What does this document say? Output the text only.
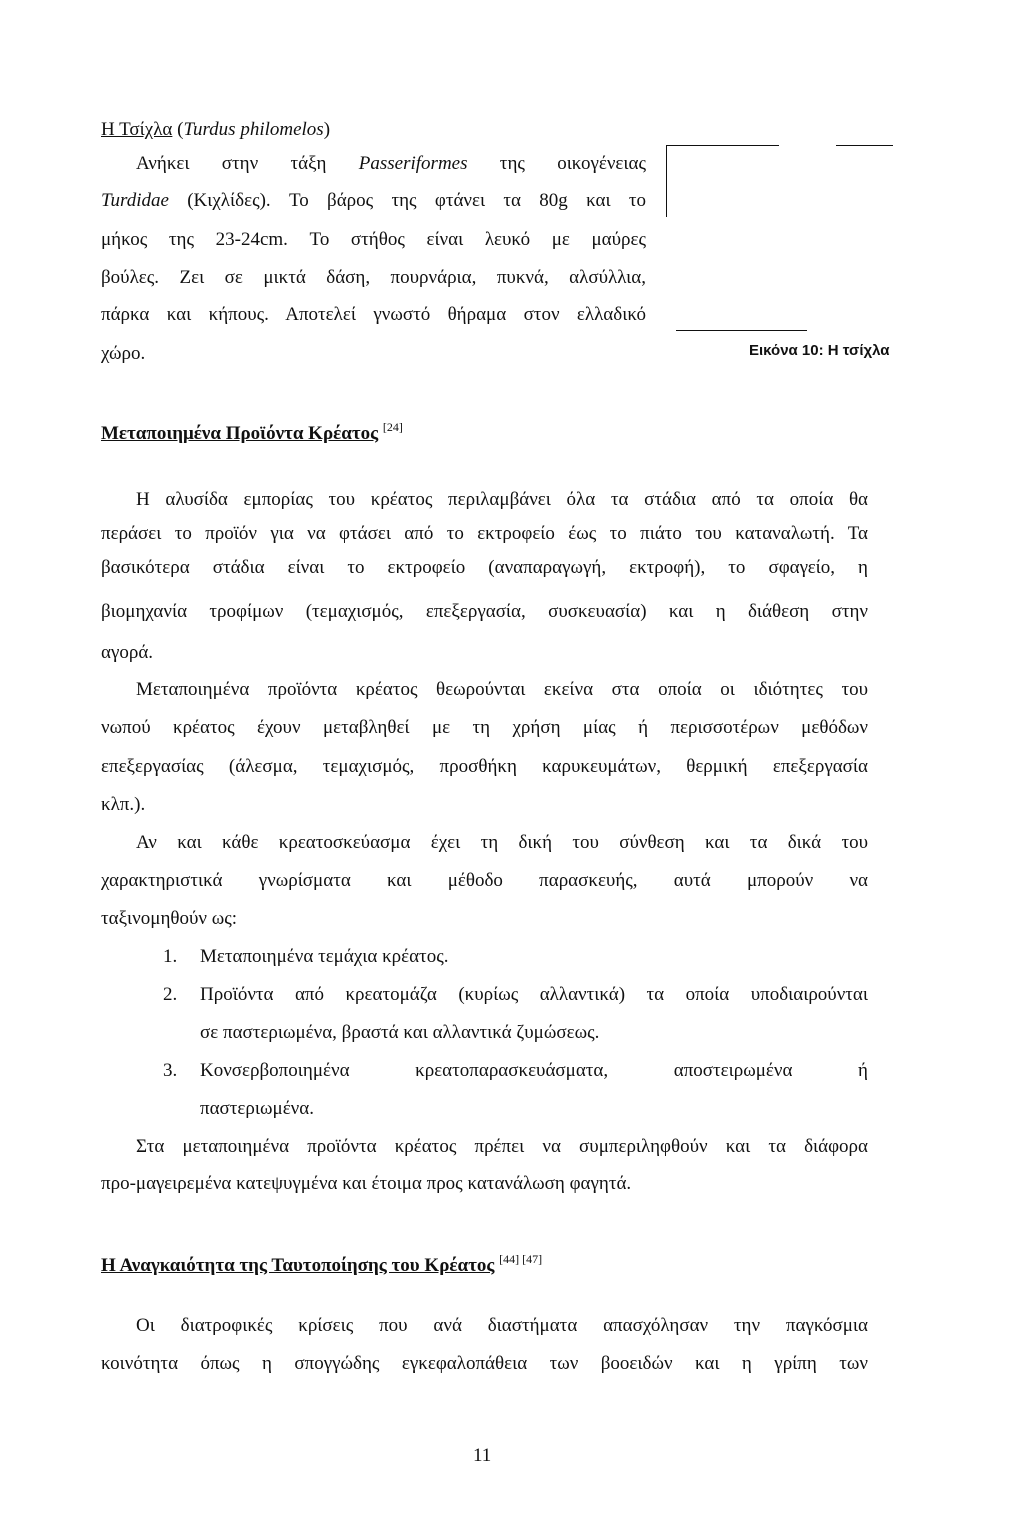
Η Τσίχλα (Turdus philomelos)
Ανήκει στην τάξη Passeriformes της οικογένειας
Turdidae (Κιχλίδες). Το βάρος της φτάνει τα 80g και το
μήκος της 23-24cm. Το στήθος είναι λευκό με μαύρες
βούλες. Ζει σε μικτά δάση, πουρνάρια, πυκνά, αλσύλλια,
πάρκα και κήπους. Αποτελεί γνωστό θήραμα στον ελλαδικό
χώρο.	Εικόνα 10: Η τσίχλα
Μεταποιημένα Προϊόντα Κρέατος [24]
Η αλυσίδα εμπορίας του κρέατος περιλαμβάνει όλα τα στάδια από τα οποία θα
περάσει το προϊόν για να φτάσει από το εκτροφείο έως το πιάτο του καταναλωτή. Τα
βασικότερα στάδια είναι το εκτροφείο (αναπαραγωγή, εκτροφή), το σφαγείο, η
βιομηχανία τροφίμων (τεμαχισμός, επεξεργασία, συσκευασία) και η διάθεση στην
αγορά.
Μεταποιημένα προϊόντα κρέατος θεωρούνται εκείνα στα οποία οι ιδιότητες του
νωπού κρέατος έχουν μεταβληθεί με τη χρήση μίας ή περισσοτέρων μεθόδων
επεξεργασίας (άλεσμα, τεμαχισμός, προσθήκη καρυκευμάτων, θερμική επεξεργασία
κλπ.).
Αν και κάθε κρεατοσκεύασμα έχει τη δική του σύνθεση και τα δικά του
χαρακτηριστικά γνωρίσματα και μέθοδο παρασκευής, αυτά μπορούν να
ταξινομηθούν ως:
1. Μεταποιημένα τεμάχια κρέατος.
2. Προϊόντα από κρεατομάζα (κυρίως αλλαντικά) τα οποία υποδιαιρούνται
σε παστεριωμένα, βραστά και αλλαντικά ζυμώσεως.
3. Κονσερβοποιημένα κρεατοπαρασκευάσματα, αποστειρωμένα ή
παστεριωμένα.
Στα μεταποιημένα προϊόντα κρέατος πρέπει να συμπεριληφθούν και τα διάφορα
προ-μαγειρεμένα κατεψυγμένα και έτοιμα προς κατανάλωση φαγητά.
Η Αναγκαιότητα της Ταυτοποίησης του Κρέατος [44] [47]
Οι διατροφικές κρίσεις που ανά διαστήματα απασχόλησαν την παγκόσμια
κοινότητα όπως η σπογγώδης εγκεφαλοπάθεια των βοοειδών και η γρίπη των
11
